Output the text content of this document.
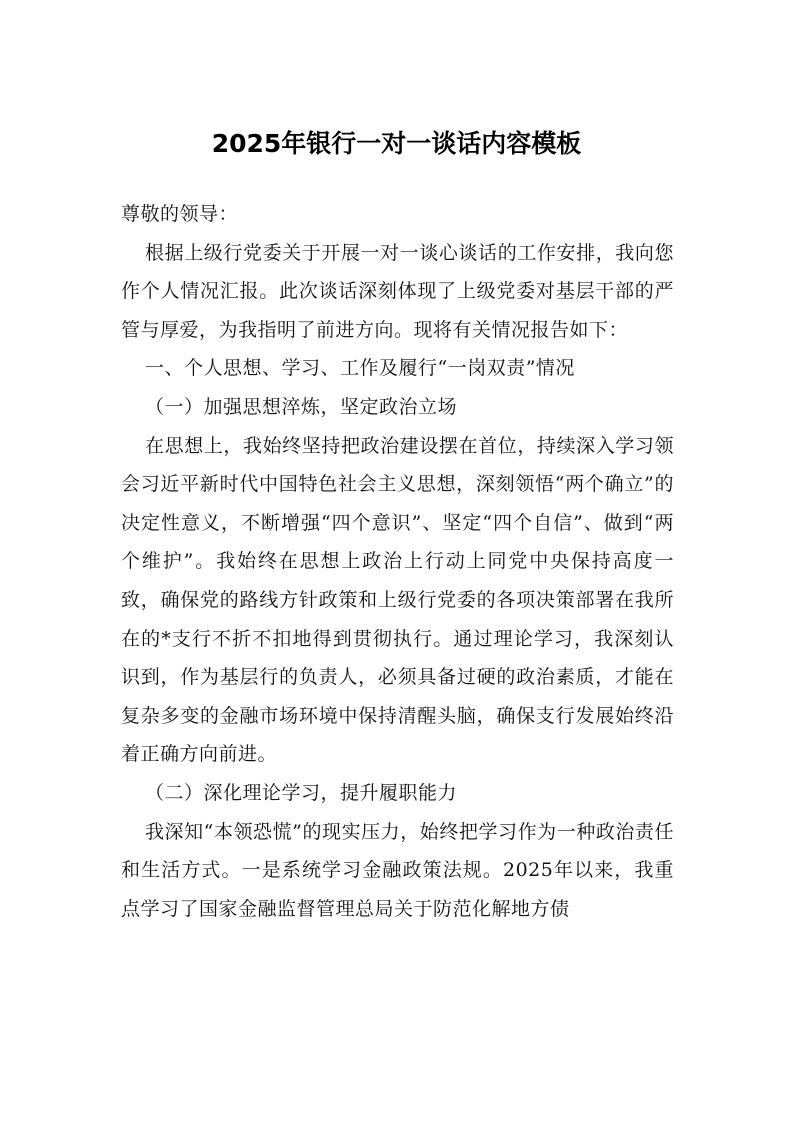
2025年银行一对一谈话内容模板

尊敬的领导：

根据上级行党委关于开展一对一谈心谈话的工作安排，我向您作个人情况汇报。此次谈话深刻体现了上级党委对基层干部的严管与厚爱，为我指明了前进方向。现将有关情况报告如下：

一、个人思想、学习、工作及履行“一岗双责”情况

（一）加强思想淬炼，坚定政治立场

在思想上，我始终坚持把政治建设摆在首位，持续深入学习领会习近平新时代中国特色社会主义思想，深刻领悟“两个确立”的决定性意义，不断增强“四个意识”、坚定“四个自信”、做到“两个维护”。我始终在思想上政治上行动上同党中央保持高度一致，确保党的路线方针政策和上级行党委的各项决策部署在我所在的*支行不折不扣地得到贯彻执行。通过理论学习，我深刻认识到，作为基层行的负责人，必须具备过硬的政治素质，才能在复杂多变的金融市场环境中保持清醒头脑，确保支行发展始终沿着正确方向前进。

（二）深化理论学习，提升履职能力

我深知“本领恐慌”的现实压力，始终把学习作为一种政治责任和生活方式。一是系统学习金融政策法规。2025年以来，我重点学习了国家金融监督管理总局关于防范化解地方债
